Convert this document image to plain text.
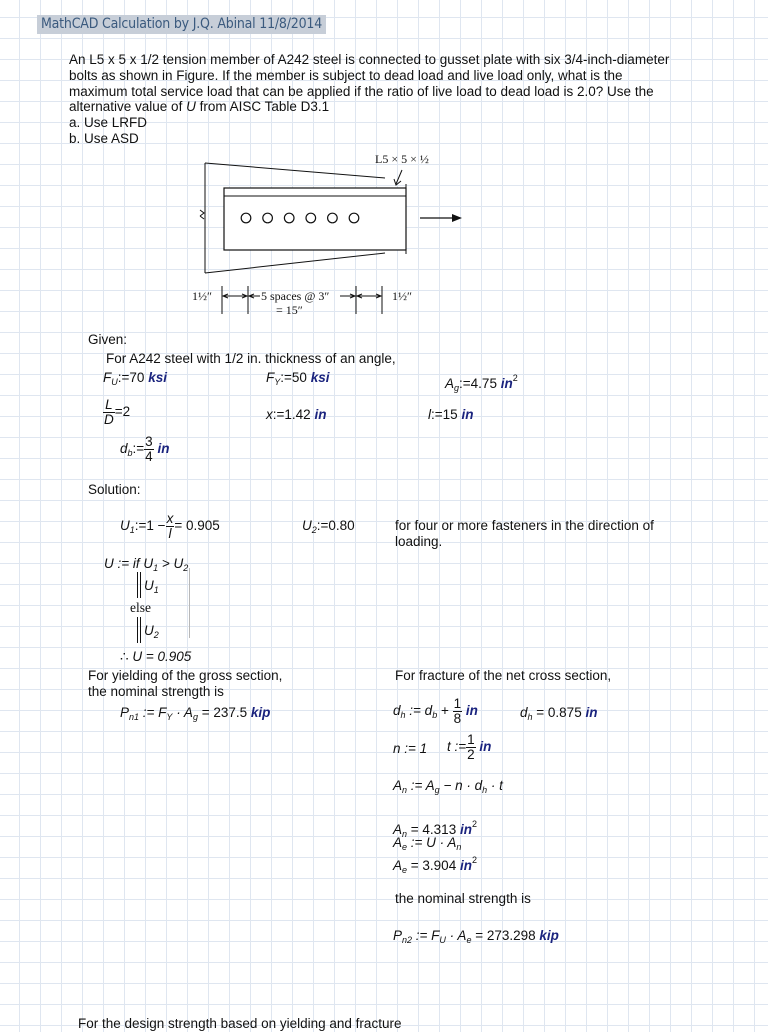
MathCAD Calculation by J.Q. Abinal 11/8/2014
An L5 x 5 x 1/2 tension member of A242 steel is connected to gusset plate with six 3/4-inch-diameter
bolts as shown in Figure. If the member is subject to dead load and live load only, what is the
maximum total service load that can be applied if the ratio of live load to dead load is 2.0? Use the
alternative value of U from AISC Table D3.1
a. Use LRFD
b. Use ASD
L5 × 5 × ½
1½″	5 spaces @ 3″
= 15″
1½″
Given:
For A242 steel with 1/2 in. thickness of an angle,
$F_U:=70$ ksi	$F_Y:=50$ ksi	$A_g:=4.75$ $in^2$
$\frac{L}{D} =2$	x:=1.42 in	l:=15 in
$d_b:= \frac{3}{4}$ in
Solution:
$U_1:=1 - \frac{x}{l} = 0.905$	$U_2:=0.80$	for four or more fasteners in the direction of
loading.
U := if $U_1 > U_2$
$U_1$
else
$U_2$
∴ U = 0.905
For yielding of the gross section,
the nominal strength is
$P_{n1}$ := $F_Y \cdot A_g = 237.5$ kip
For fracture of the net cross section,
$d_h$ := $d_b + \frac{1}{8}$ in	$d_h = 0.875$ in
n := 1 t := $\frac{1}{2}$ in
$A_n$ := $A_g - n \cdot d_h \cdot t$
$A_n = 4.313$ $in^2$
$A_e$ := $U \cdot A_n$
$A_e = 3.904$ $in^2$
the nominal strength is
$P_{n2}$ := $F_U \cdot A_e = 273.298$ kip
For the design strength based on yielding and fracture
